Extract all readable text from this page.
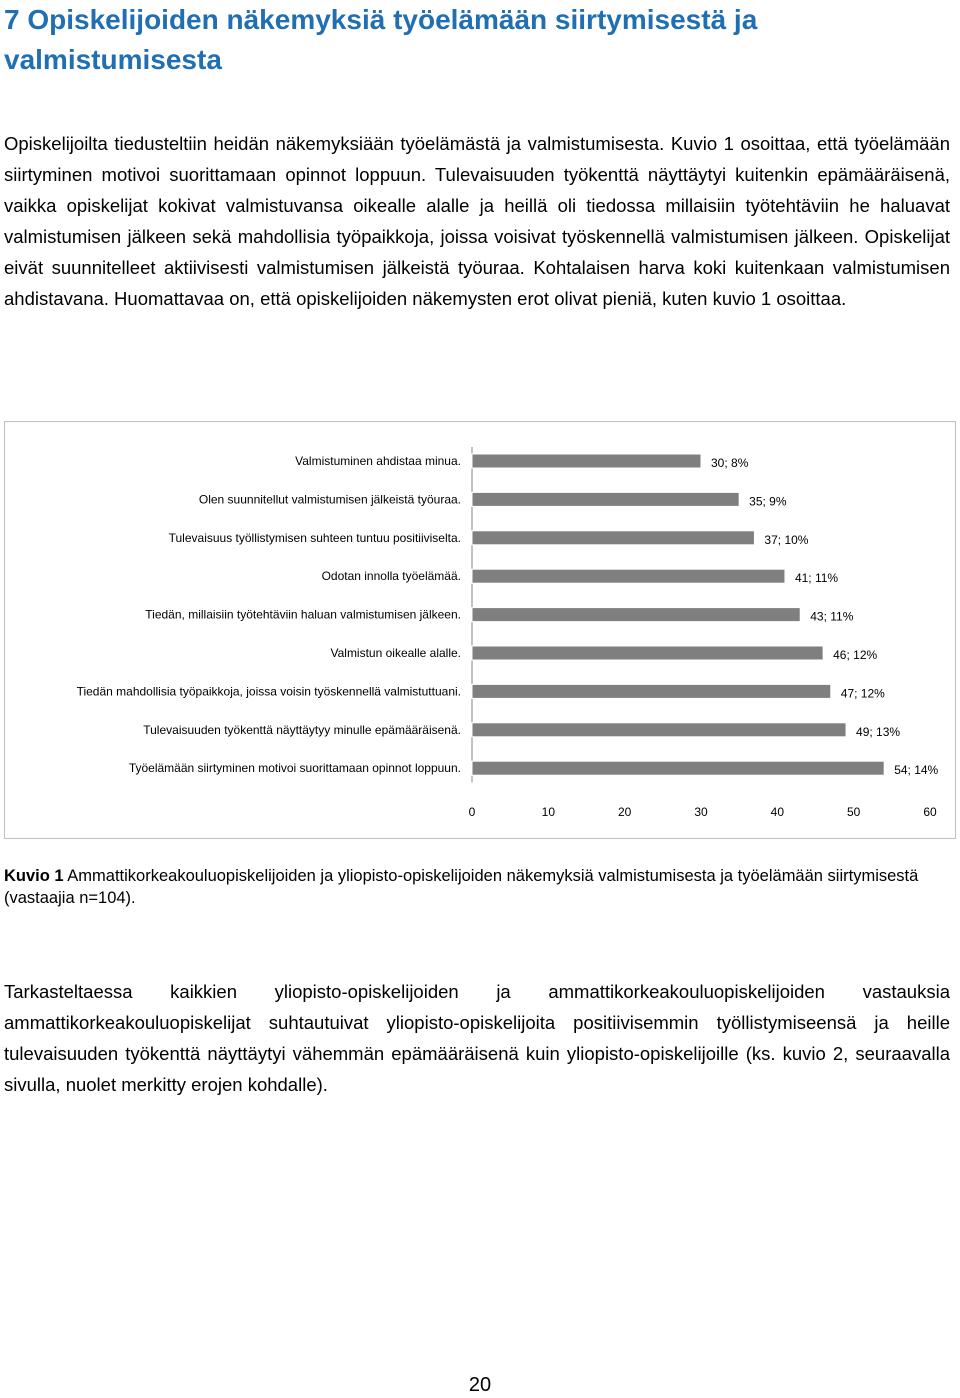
7 Opiskelijoiden näkemyksiä työelämään siirtymisestä ja valmistumisesta

Opiskelijoilta tiedusteltiin heidän näkemyksiään työelämästä ja valmistumisesta. Kuvio 1 osoittaa, että työelämään siirtyminen motivoi suorittamaan opinnot loppuun. Tulevaisuuden työkenttä näyttäytyi kuitenkin epämääräisenä, vaikka opiskelijat kokivat valmistuvansa oikealle alalle ja heillä oli tiedossa millaisiin työtehtäviin he haluavat valmistumisen jälkeen sekä mahdollisia työpaikkoja, joissa voisivat työskennellä valmistumisen jälkeen. Opiskelijat eivät suunnitelleet aktiivisesti valmistumisen jälkeistä työuraa. Kohtalaisen harva koki kuitenkaan valmistumisen ahdistavana. Huomattavaa on, että opiskelijoiden näkemysten erot olivat pieniä, kuten kuvio 1 osoittaa.

Valmistuminen ahdistaa minua.	30; 8%
Olen suunnitellut valmistumisen jälkeistä työuraa.	35; 9%
Tulevaisuus työllistymisen suhteen tuntuu positiiviselta.	37; 10%
Odotan innolla työelämää.	41; 11%
Tiedän, millaisiin työtehtäviin haluan valmistumisen jälkeen.	43; 11%
Valmistun oikealle alalle.	46; 12%
Tiedän mahdollisia työpaikkoja, joissa voisin työskennellä valmistuttuani.	47; 12%
Tulevaisuuden työkenttä näyttäytyy minulle epämääräisenä.	49; 13%
Työelämään siirtyminen motivoi suorittamaan opinnot loppuun.	54; 14%
0	10	20	30	40	50	60

Kuvio 1 Ammattikorkeakouluopiskelijoiden ja yliopisto-opiskelijoiden näkemyksiä valmistumisesta ja työelämään siirtymisestä (vastaajia n=104).

Tarkasteltaessa kaikkien yliopisto-opiskelijoiden ja ammattikorkeakouluopiskelijoiden vastauksia ammattikorkeakouluopiskelijat suhtautuivat yliopisto-opiskelijoita positiivisemmin työllistymiseensä ja heille tulevaisuuden työkenttä näyttäytyi vähemmän epämääräisenä kuin yliopisto-opiskelijoille (ks. kuvio 2, seuraavalla sivulla, nuolet merkitty erojen kohdalle).

20
